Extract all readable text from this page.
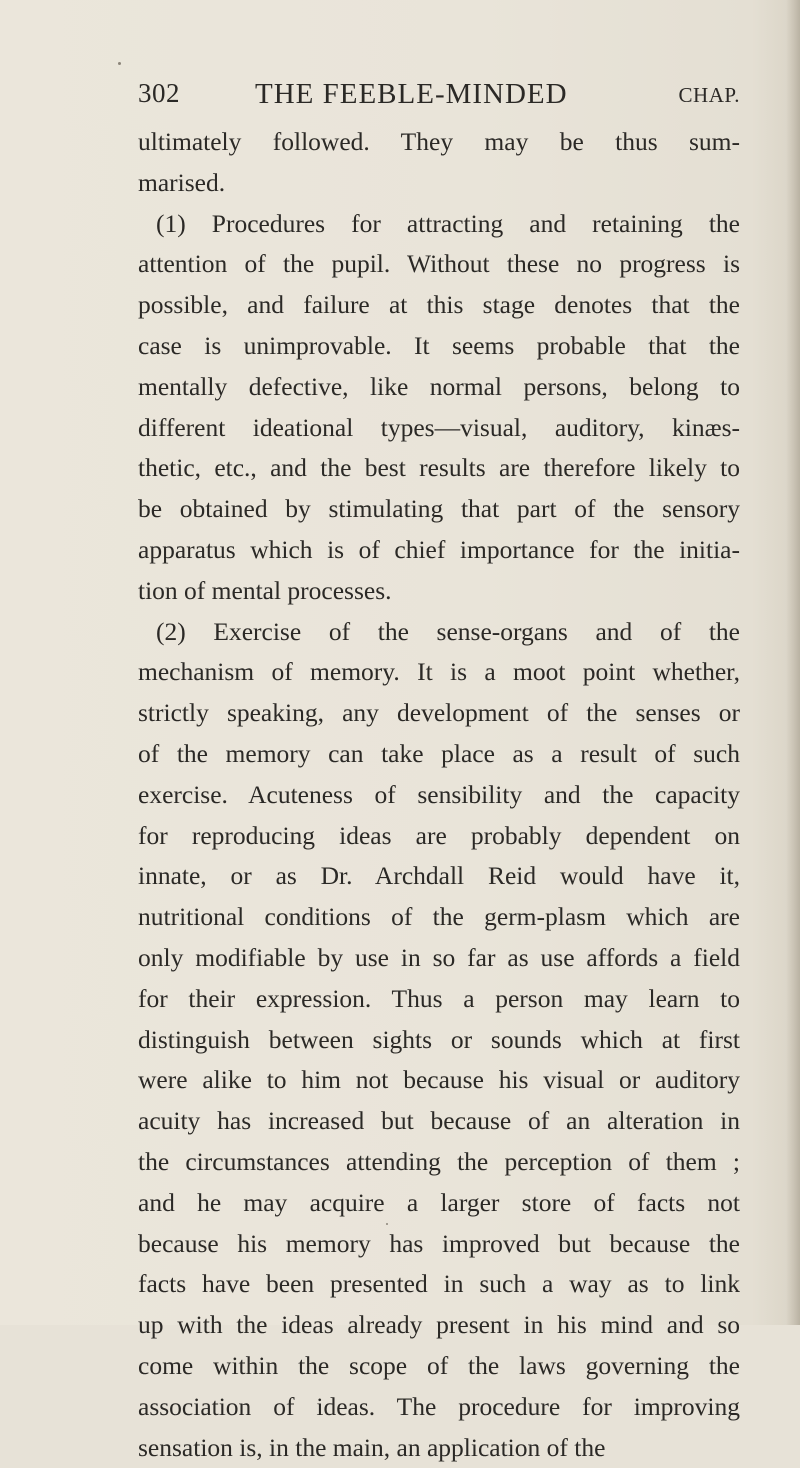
302	THE FEEBLE-MINDED	CHAP.
ultimately followed. They may be thus sum-
marised.
(1) Procedures for attracting and retaining the
attention of the pupil. Without these no progress is
possible, and failure at this stage denotes that the
case is unimprovable. It seems probable that the
mentally defective, like normal persons, belong to
different ideational types—visual, auditory, kinæs-
thetic, etc., and the best results are therefore likely to
be obtained by stimulating that part of the sensory
apparatus which is of chief importance for the initia-
tion of mental processes.
(2) Exercise of the sense-organs and of the
mechanism of memory. It is a moot point whether,
strictly speaking, any development of the senses or
of the memory can take place as a result of such
exercise. Acuteness of sensibility and the capacity
for reproducing ideas are probably dependent on
innate, or as Dr. Archdall Reid would have it,
nutritional conditions of the germ-plasm which are
only modifiable by use in so far as use affords a field
for their expression. Thus a person may learn to
distinguish between sights or sounds which at first
were alike to him not because his visual or auditory
acuity has increased but because of an alteration in
the circumstances attending the perception of them ;
and he may acquire a larger store of facts not
because his memory has improved but because the
facts have been presented in such a way as to link
up with the ideas already present in his mind and so
come within the scope of the laws governing the
association of ideas. The procedure for improving
sensation is, in the main, an application of the
